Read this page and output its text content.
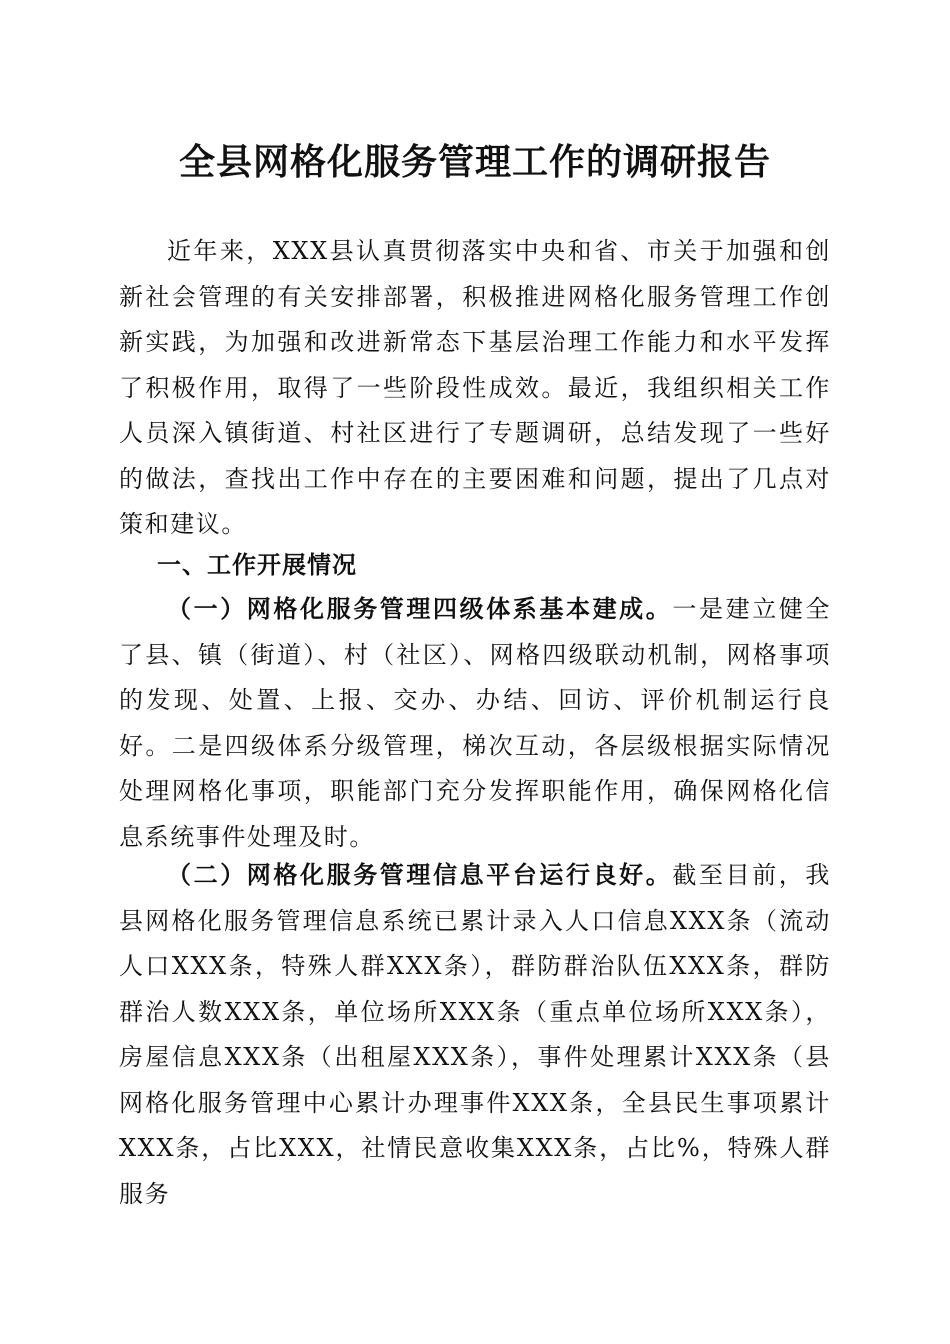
全县网格化服务管理工作的调研报告

近年来，XXX县认真贯彻落实中央和省、市关于加强和创新社会管理的有关安排部署，积极推进网格化服务管理工作创新实践，为加强和改进新常态下基层治理工作能力和水平发挥了积极作用，取得了一些阶段性成效。最近，我组织相关工作人员深入镇街道、村社区进行了专题调研，总结发现了一些好的做法，查找出工作中存在的主要困难和问题，提出了几点对策和建议。

一、工作开展情况

（一）网格化服务管理四级体系基本建成。一是建立健全了县、镇（街道）、村（社区）、网格四级联动机制，网格事项的发现、处置、上报、交办、办结、回访、评价机制运行良好。二是四级体系分级管理，梯次互动，各层级根据实际情况处理网格化事项，职能部门充分发挥职能作用，确保网格化信息系统事件处理及时。

（二）网格化服务管理信息平台运行良好。截至目前，我县网格化服务管理信息系统已累计录入人口信息XXX条（流动人口XXX条，特殊人群XXX条），群防群治队伍XXX条，群防群治人数XXX条，单位场所XXX条（重点单位场所XXX条），房屋信息XXX条（出租屋XXX条），事件处理累计XXX条（县网格化服务管理中心累计办理事件XXX条，全县民生事项累计XXX条，占比XXX，社情民意收集XXX条，占比%，特殊人群服务
